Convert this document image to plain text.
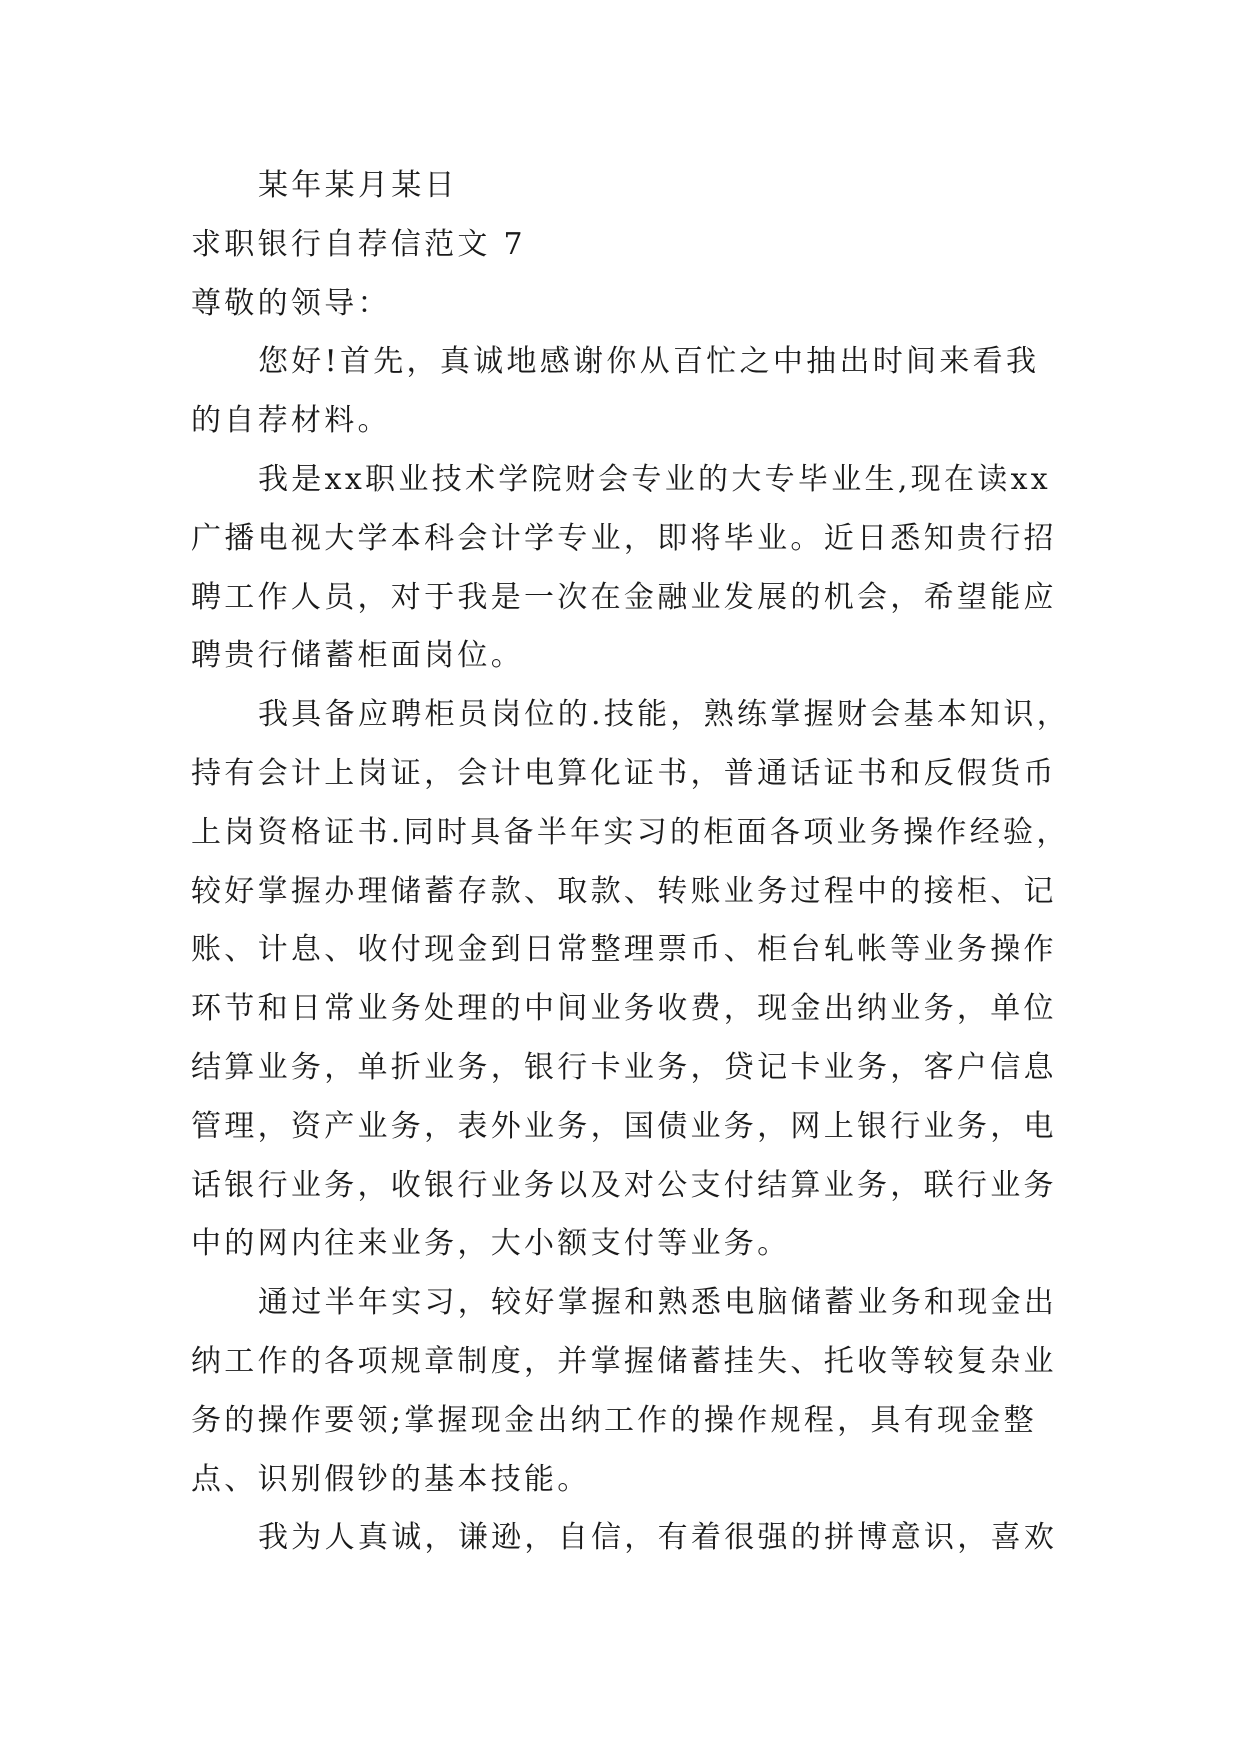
某年某月某日
求职银行自荐信范文 7
尊敬的领导：
您好!首先，真诚地感谢你从百忙之中抽出时间来看我
的自荐材料。
我是xx职业技术学院财会专业的大专毕业生,现在读xx
广播电视大学本科会计学专业，即将毕业。近日悉知贵行招
聘工作人员，对于我是一次在金融业发展的机会，希望能应
聘贵行储蓄柜面岗位。
我具备应聘柜员岗位的.技能，熟练掌握财会基本知识，
持有会计上岗证，会计电算化证书，普通话证书和反假货币
上岗资格证书.同时具备半年实习的柜面各项业务操作经验，
较好掌握办理储蓄存款、取款、转账业务过程中的接柜、记
账、计息、收付现金到日常整理票币、柜台轧帐等业务操作
环节和日常业务处理的中间业务收费，现金出纳业务，单位
结算业务，单折业务，银行卡业务，贷记卡业务，客户信息
管理，资产业务，表外业务，国债业务，网上银行业务，电
话银行业务，收银行业务以及对公支付结算业务，联行业务
中的网内往来业务，大小额支付等业务。
通过半年实习，较好掌握和熟悉电脑储蓄业务和现金出
纳工作的各项规章制度，并掌握储蓄挂失、托收等较复杂业
务的操作要领;掌握现金出纳工作的操作规程，具有现金整
点、识别假钞的基本技能。
我为人真诚，谦逊，自信，有着很强的拼博意识，喜欢
